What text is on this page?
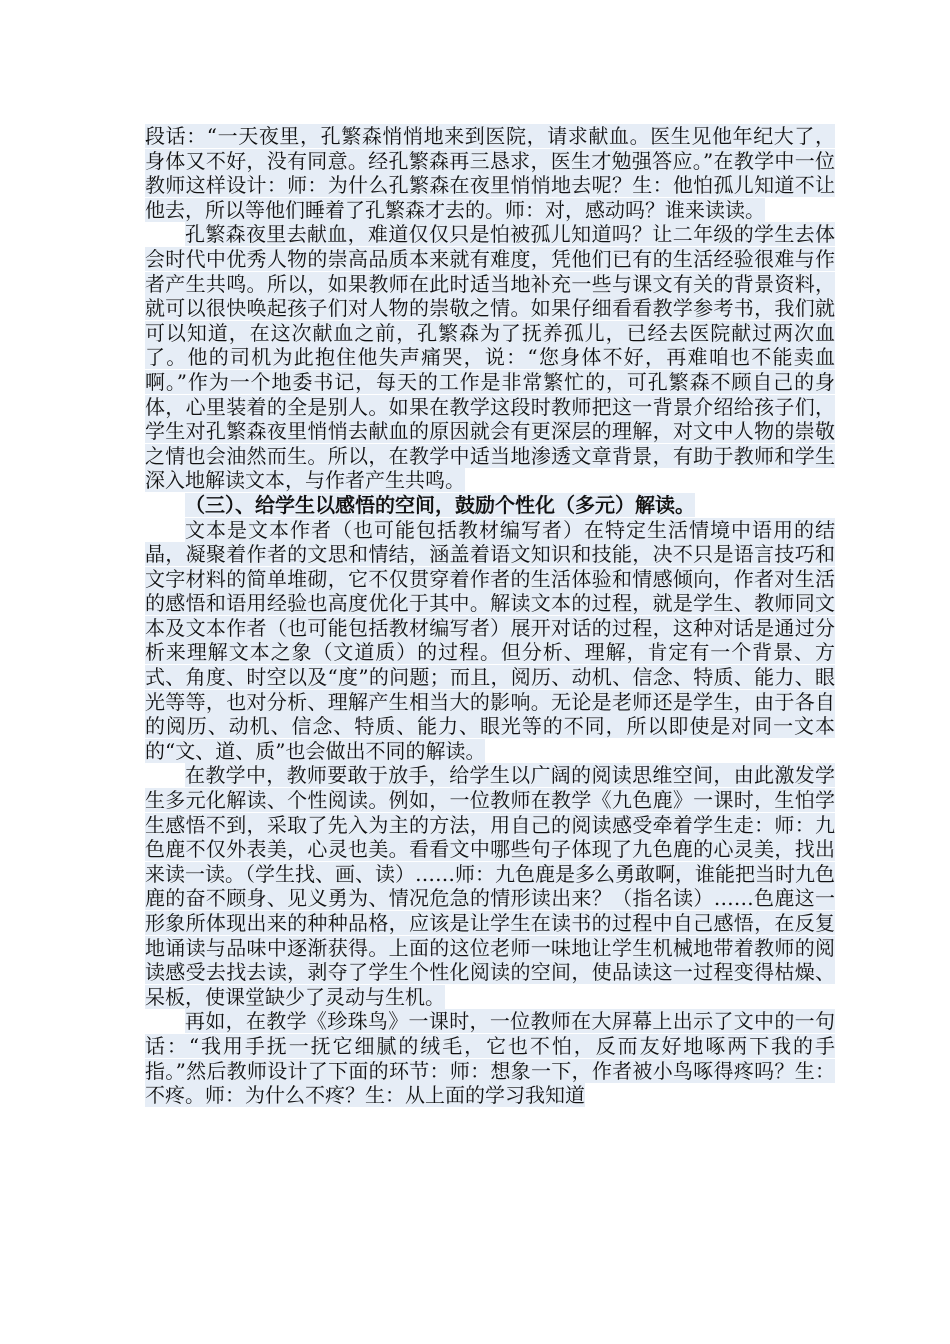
段话：“一天夜里，孔繁森悄悄地来到医院，请求献血。医生见他年纪大了，身体又不好，没有同意。经孔繁森再三恳求，医生才勉强答应。”在教学中一位教师这样设计：师：为什么孔繁森在夜里悄悄地去呢？生：他怕孤儿知道不让他去，所以等他们睡着了孔繁森才去的。师：对，感动吗？谁来读读。

孔繁森夜里去献血，难道仅仅只是怕被孤儿知道吗？让二年级的学生去体会时代中优秀人物的崇高品质本来就有难度，凭他们已有的生活经验很难与作者产生共鸣。所以，如果教师在此时适当地补充一些与课文有关的背景资料，就可以很快唤起孩子们对人物的崇敬之情。如果仔细看看教学参考书，我们就可以知道，在这次献血之前，孔繁森为了抚养孤儿，已经去医院献过两次血了。他的司机为此抱住他失声痛哭，说：“您身体不好，再难咱也不能卖血啊。”作为一个地委书记，每天的工作是非常繁忙的，可孔繁森不顾自己的身体，心里装着的全是别人。如果在教学这段时教师把这一背景介绍给孩子们，学生对孔繁森夜里悄悄去献血的原因就会有更深层的理解，对文中人物的崇敬之情也会油然而生。所以，在教学中适当地渗透文章背景，有助于教师和学生深入地解读文本，与作者产生共鸣。

（三）、给学生以感悟的空间，鼓励个性化（多元）解读。

文本是文本作者（也可能包括教材编写者）在特定生活情境中语用的结晶，凝聚着作者的文思和情结，涵盖着语文知识和技能，决不只是语言技巧和文字材料的简单堆砌，它不仅贯穿着作者的生活体验和情感倾向，作者对生活的感悟和语用经验也高度优化于其中。解读文本的过程，就是学生、教师同文本及文本作者（也可能包括教材编写者）展开对话的过程，这种对话是通过分析来理解文本之象（文道质）的过程。但分析、理解，肯定有一个背景、方式、角度、时空以及“度”的问题；而且，阅历、动机、信念、特质、能力、眼光等等，也对分析、理解产生相当大的影响。无论是老师还是学生，由于各自的阅历、动机、信念、特质、能力、眼光等的不同，所以即使是对同一文本的“文、道、质”也会做出不同的解读。

在教学中，教师要敢于放手，给学生以广阔的阅读思维空间，由此激发学生多元化解读、个性阅读。例如，一位教师在教学《九色鹿》一课时，生怕学生感悟不到，采取了先入为主的方法，用自己的阅读感受牵着学生走：师：九色鹿不仅外表美，心灵也美。看看文中哪些句子体现了九色鹿的心灵美，找出来读一读。（学生找、画、读）……师：九色鹿是多么勇敢啊，谁能把当时九色鹿的奋不顾身、见义勇为、情况危急的情形读出来？（指名读）……色鹿这一形象所体现出来的种种品格，应该是让学生在读书的过程中自己感悟，在反复地诵读与品味中逐渐获得。上面的这位老师一味地让学生机械地带着教师的阅读感受去找去读，剥夺了学生个性化阅读的空间，使品读这一过程变得枯燥、呆板，使课堂缺少了灵动与生机。

再如，在教学《珍珠鸟》一课时，一位教师在大屏幕上出示了文中的一句话：“我用手抚一抚它细腻的绒毛，它也不怕，反而友好地啄两下我的手指。”然后教师设计了下面的环节：师：想象一下，作者被小鸟啄得疼吗？生：不疼。师：为什么不疼？生：从上面的学习我知道
